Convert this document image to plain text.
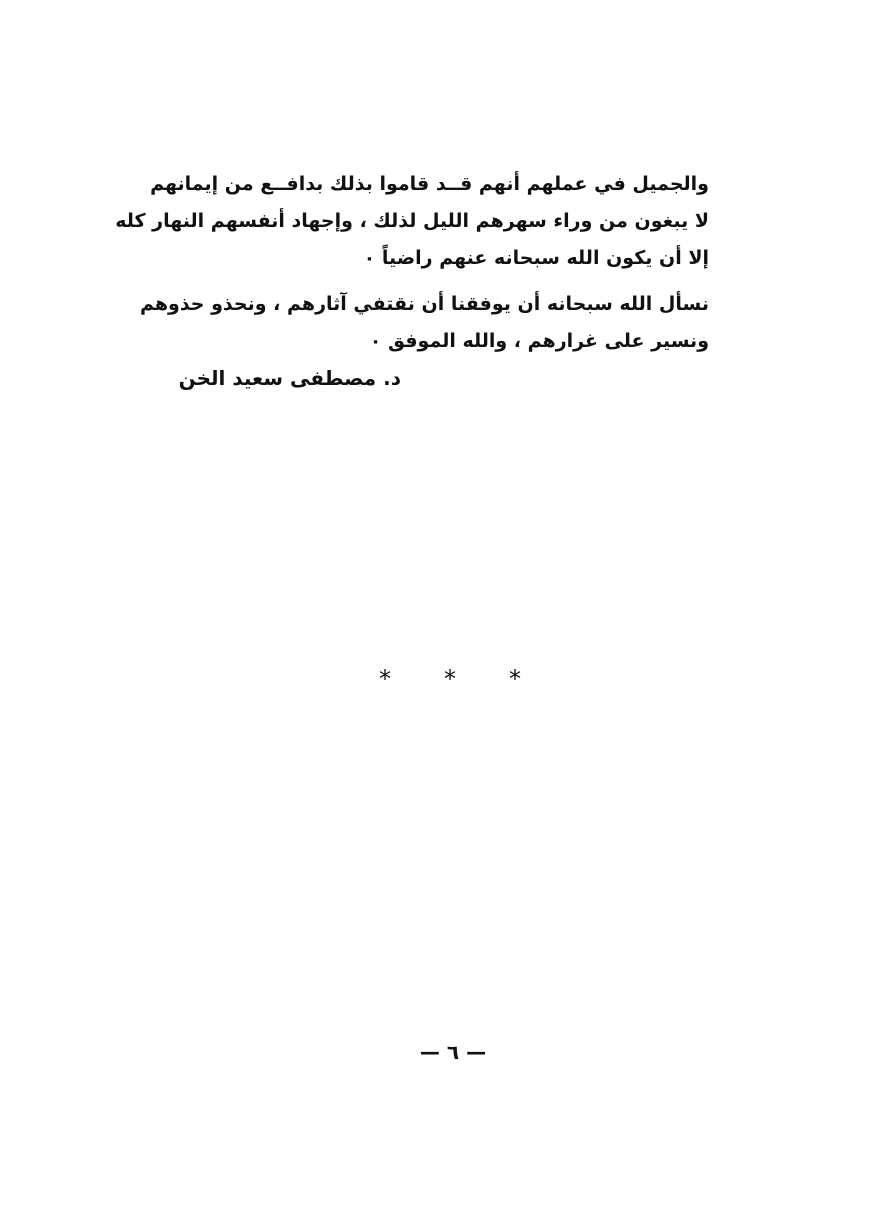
والجميل في عملهم أنهم قــد قاموا بذلك بدافــع من إيمانهم
لا يبغون من وراء سهرهم الليل لذلك ، وإجهاد أنفسهم النهار كله
إلا أن يكون الله سبحانه عنهم راضياً ٠
نسأل الله سبحانه أن يوفقنا أن نقتفي آثارهم ، ونحذو حذوهم
ونسير على غرارهم ، والله الموفق ٠
د. مصطفى سعيد الخن
*	*	*
— ٦ —
